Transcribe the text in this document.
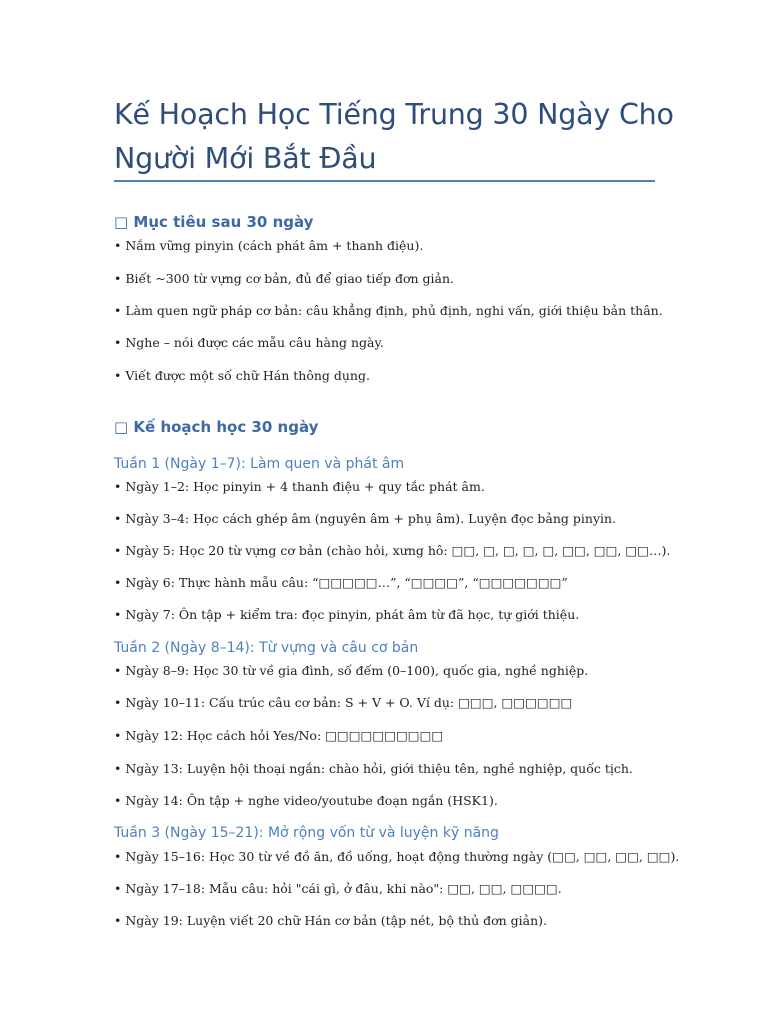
Kế Hoạch Học Tiếng Trung 30 Ngày Cho Người Mới Bắt Đầu
□ Mục tiêu sau 30 ngày
• Nắm vững pinyin (cách phát âm + thanh điệu).
• Biết ~300 từ vựng cơ bản, đủ để giao tiếp đơn giản.
• Làm quen ngữ pháp cơ bản: câu khẳng định, phủ định, nghi vấn, giới thiệu bản thân.
• Nghe – nói được các mẫu câu hàng ngày.
• Viết được một số chữ Hán thông dụng.
□ Kế hoạch học 30 ngày
Tuần 1 (Ngày 1–7): Làm quen và phát âm
• Ngày 1–2: Học pinyin + 4 thanh điệu + quy tắc phát âm.
• Ngày 3–4: Học cách ghép âm (nguyên âm + phụ âm). Luyện đọc bảng pinyin.
• Ngày 5: Học 20 từ vựng cơ bản (chào hỏi, xưng hô: □□, □, □, □, □, □□, □□, □□…).
• Ngày 6: Thực hành mẫu câu: “□□□□□…”, “□□□□”, “□□□□□□□”
• Ngày 7: Ôn tập + kiểm tra: đọc pinyin, phát âm từ đã học, tự giới thiệu.
Tuần 2 (Ngày 8–14): Từ vựng và câu cơ bản
• Ngày 8–9: Học 30 từ về gia đình, số đếm (0–100), quốc gia, nghề nghiệp.
• Ngày 10–11: Cấu trúc câu cơ bản: S + V + O. Ví dụ: □□□, □□□□□□
• Ngày 12: Học cách hỏi Yes/No: □□□□□□□□□□
• Ngày 13: Luyện hội thoại ngắn: chào hỏi, giới thiệu tên, nghề nghiệp, quốc tịch.
• Ngày 14: Ôn tập + nghe video/youtube đoạn ngắn (HSK1).
Tuần 3 (Ngày 15–21): Mở rộng vốn từ và luyện kỹ năng
• Ngày 15–16: Học 30 từ về đồ ăn, đồ uống, hoạt động thường ngày (□□, □□, □□, □□).
• Ngày 17–18: Mẫu câu: hỏi "cái gì, ở đâu, khi nào": □□, □□, □□□□.
• Ngày 19: Luyện viết 20 chữ Hán cơ bản (tập nét, bộ thủ đơn giản).
